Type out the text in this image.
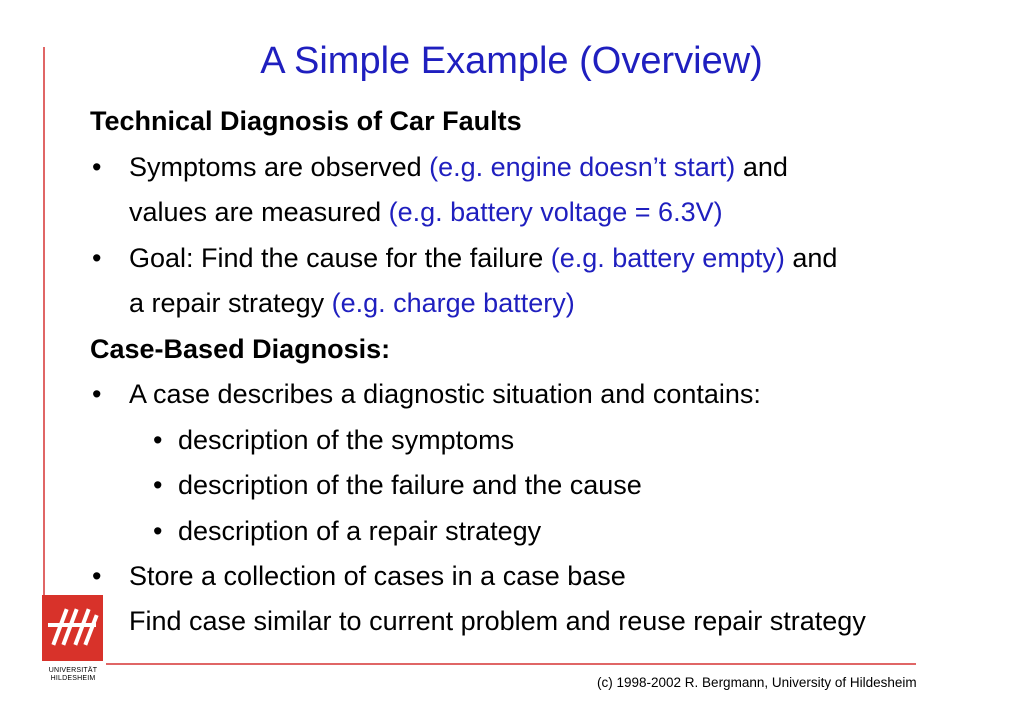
A Simple Example (Overview)
Technical Diagnosis of Car Faults
• Symptoms are observed (e.g. engine doesn’t start) and
values are measured (e.g. battery voltage = 6.3V)
• Goal: Find the cause for the failure (e.g. battery empty) and
a repair strategy (e.g. charge battery)
Case-Based Diagnosis:
• A case describes a diagnostic situation and contains:
• description of the symptoms
• description of the failure and the cause
• description of a repair strategy
• Store a collection of cases in a case base
Find case similar to current problem and reuse repair strategy
UNIVERSITÄT
HILDESHEIM	(c) 1998-2002 R. Bergmann, University of Hildesheim
